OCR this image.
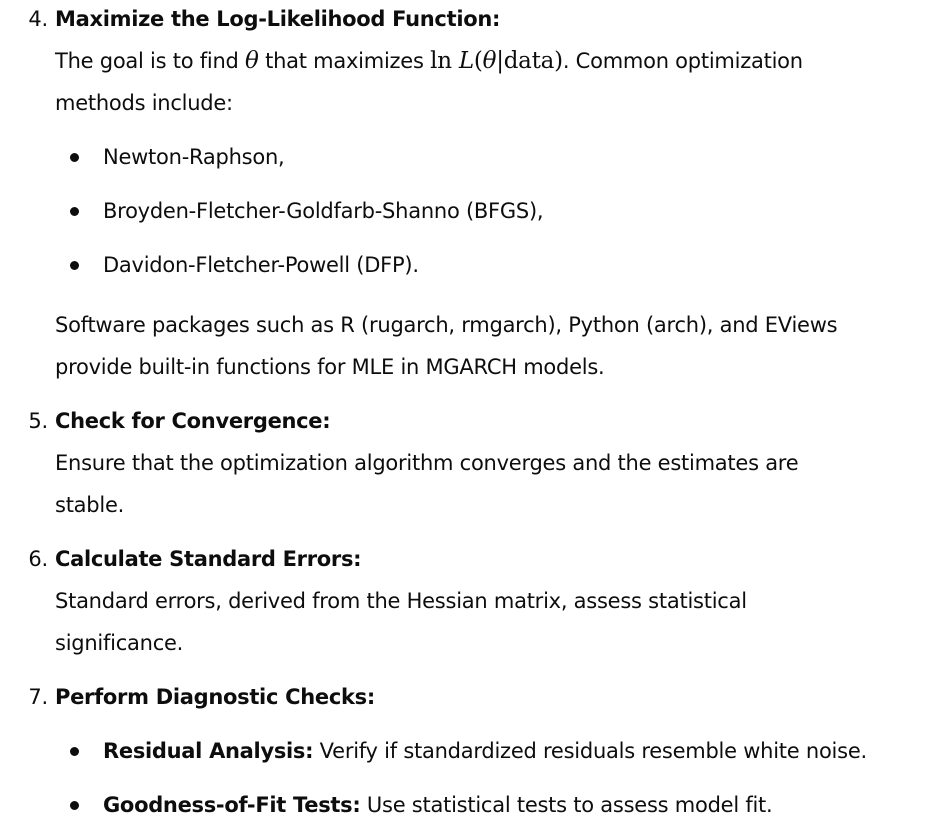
4. Maximize the Log-Likelihood Function:
The goal is to find θ that maximizes ln L(θ|data). Common optimization
methods include:
Newton-Raphson,
Broyden-Fletcher-Goldfarb-Shanno (BFGS),
Davidon-Fletcher-Powell (DFP).
Software packages such as R (rugarch, rmgarch), Python (arch), and EViews
provide built-in functions for MLE in MGARCH models.
5. Check for Convergence:
Ensure that the optimization algorithm converges and the estimates are
stable.
6. Calculate Standard Errors:
Standard errors, derived from the Hessian matrix, assess statistical
significance.
7. Perform Diagnostic Checks:
Residual Analysis: Verify if standardized residuals resemble white noise.
Goodness-of-Fit Tests: Use statistical tests to assess model fit.
